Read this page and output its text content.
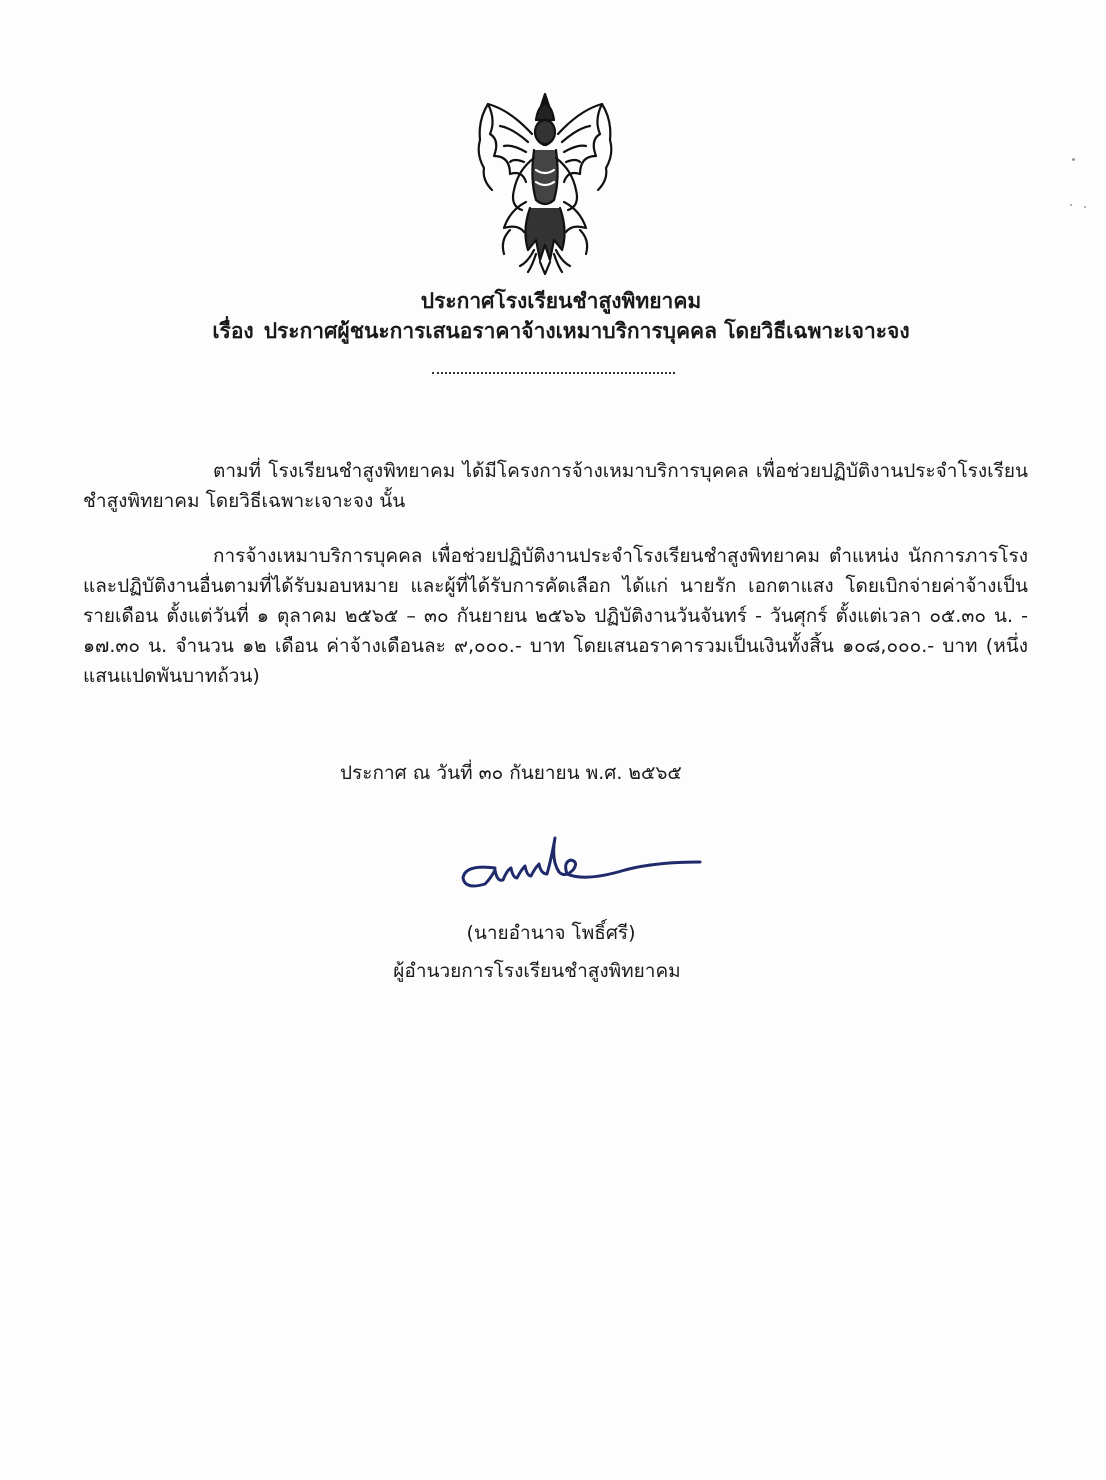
ประกาศโรงเรียนชำสูงพิทยาคม
เรื่อง ประกาศผู้ชนะการเสนอราคาจ้างเหมาบริการบุคคล โดยวิธีเฉพาะเจาะจง
ตามที่ โรงเรียนชำสูงพิทยาคม ได้มีโครงการจ้างเหมาบริการบุคคล เพื่อช่วยปฏิบัติงานประจำโรงเรียนชำสูงพิทยาคม โดยวิธีเฉพาะเจาะจง นั้น
การจ้างเหมาบริการบุคคล เพื่อช่วยปฏิบัติงานประจำโรงเรียนชำสูงพิทยาคม ตำแหน่ง นักการภารโรง และปฏิบัติงานอื่นตามที่ได้รับมอบหมาย และผู้ที่ได้รับการคัดเลือก ได้แก่ นายรัก เอกตาแสง โดยเบิกจ่ายค่าจ้างเป็นรายเดือน ตั้งแต่วันที่ ๑ ตุลาคม ๒๕๖๕ – ๓๐ กันยายน ๒๕๖๖ ปฏิบัติงานวันจันทร์ - วันศุกร์ ตั้งแต่เวลา ๐๕.๓๐ น. - ๑๗.๓๐ น. จำนวน ๑๒ เดือน ค่าจ้างเดือนละ ๙,๐๐๐.- บาท โดยเสนอราคารวมเป็นเงินทั้งสิ้น ๑๐๘,๐๐๐.- บาท (หนึ่งแสนแปดพันบาทถ้วน)
ประกาศ ณ วันที่ ๓๐ กันยายน พ.ศ. ๒๕๖๕
(นายอำนาจ โพธิ์ศรี)
ผู้อำนวยการโรงเรียนชำสูงพิทยาคม
